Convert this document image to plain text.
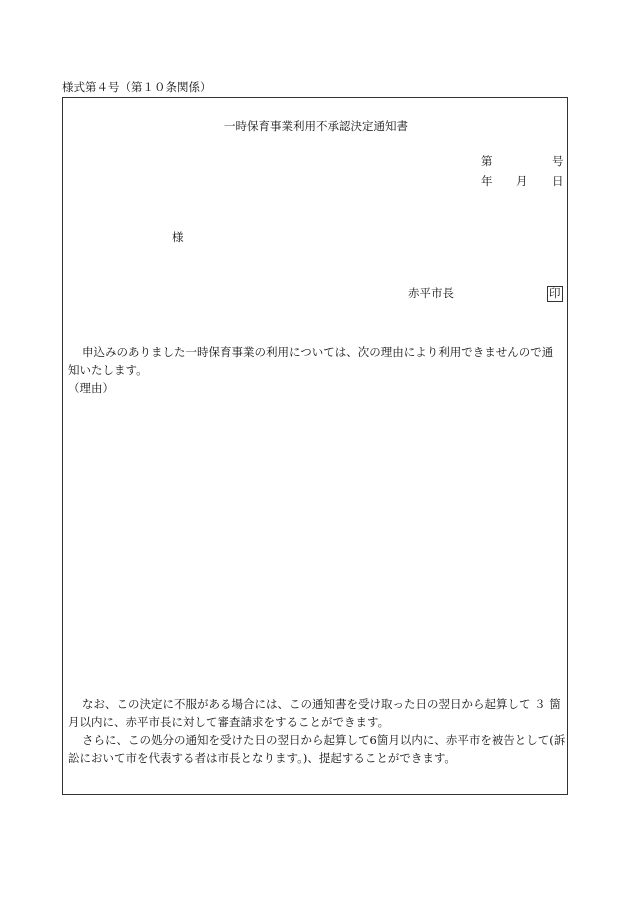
様式第４号（第１０条関係）
一時保育事業利用不承認決定通知書
第	号
年 月 日
様
赤平市長	印
申込みのありました一時保育事業の利用については、次の理由により利用できませんので通
知いたします。
（理由）
なお、この決定に不服がある場合には、この通知書を受け取った日の翌日から起算して ３ 箇
月以内に、赤平市長に対して審査請求をすることができます。
さらに、この処分の通知を受けた日の翌日から起算して6箇月以内に、赤平市を被告として(訴
訟において市を代表する者は市長となります。)、提起することができます。
